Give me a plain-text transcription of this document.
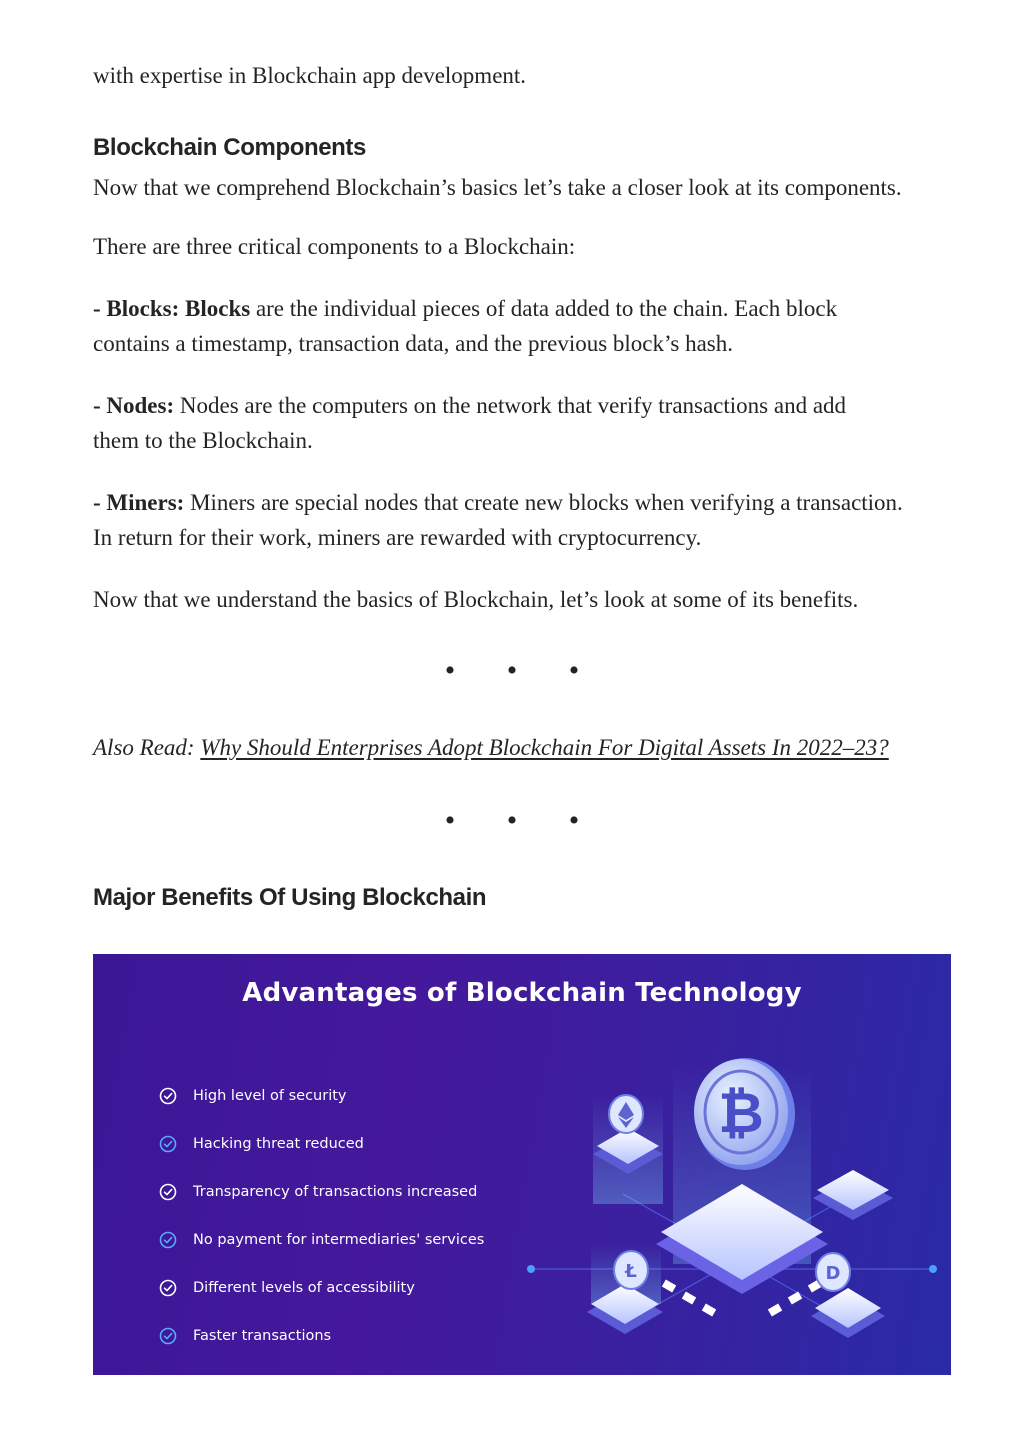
with expertise in Blockchain app development.

Blockchain Components

Now that we comprehend Blockchain’s basics let’s take a closer look at its components.

There are three critical components to a Blockchain:

- Blocks: Blocks are the individual pieces of data added to the chain. Each block
contains a timestamp, transaction data, and the previous block’s hash.

- Nodes: Nodes are the computers on the network that verify transactions and add
them to the Blockchain.

- Miners: Miners are special nodes that create new blocks when verifying a transaction.
In return for their work, miners are rewarded with cryptocurrency.

Now that we understand the basics of Blockchain, let’s look at some of its benefits.

• • •

Also Read: Why Should Enterprises Adopt Blockchain For Digital Assets In 2022–23?

• • •
Major Benefits Of Using Blockchain
Advantages of Blockchain Technology
High level of security
Hacking threat reduced
Transparency of transactions increased
No payment for intermediaries' services
Different levels of accessibility
Faster transactions
Automatic reconciliation of accounts
₿
Ł	D
